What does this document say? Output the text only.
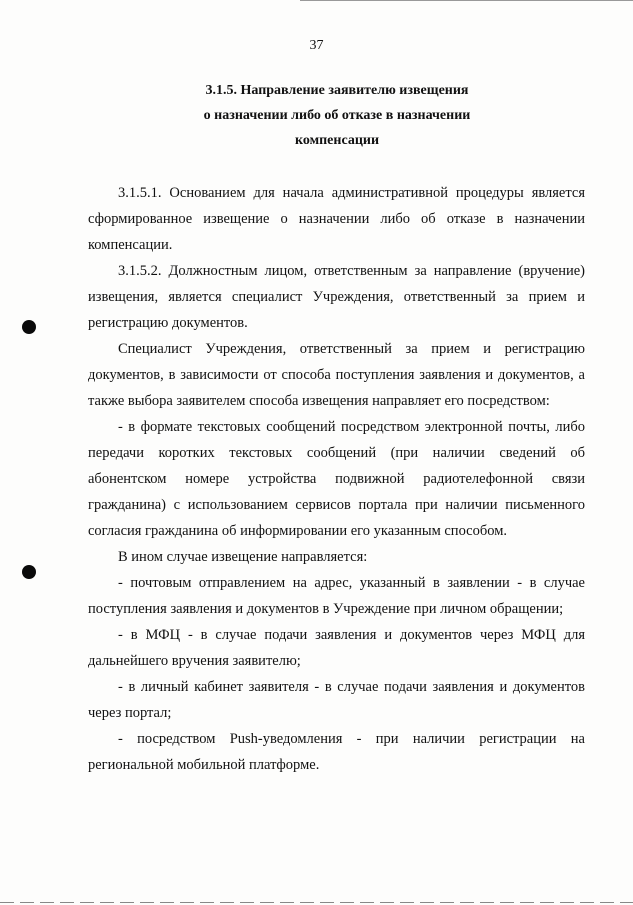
37
3.1.5. Направление заявителю извещения
о назначении либо об отказе в назначении
компенсации

3.1.5.1. Основанием для начала административной процедуры является сформированное извещение о назначении либо об отказе в назначении компенсации.

3.1.5.2. Должностным лицом, ответственным за направление (вручение) извещения, является специалист Учреждения, ответственный за прием и регистрацию документов.

Специалист Учреждения, ответственный за прием и регистрацию документов, в зависимости от способа поступления заявления и документов, а также выбора заявителем способа извещения направляет его посредством:

- в формате текстовых сообщений посредством электронной почты, либо передачи коротких текстовых сообщений (при наличии сведений об абонентском номере устройства подвижной радиотелефонной связи гражданина) с использованием сервисов портала при наличии письменного согласия гражданина об информировании его указанным способом.

В ином случае извещение направляется:

- почтовым отправлением на адрес, указанный в заявлении - в случае поступления заявления и документов в Учреждение при личном обращении;

- в МФЦ - в случае подачи заявления и документов через МФЦ для дальнейшего вручения заявителю;

- в личный кабинет заявителя - в случае подачи заявления и документов через портал;

- посредством Push-уведомления - при наличии регистрации на региональной мобильной платформе.
